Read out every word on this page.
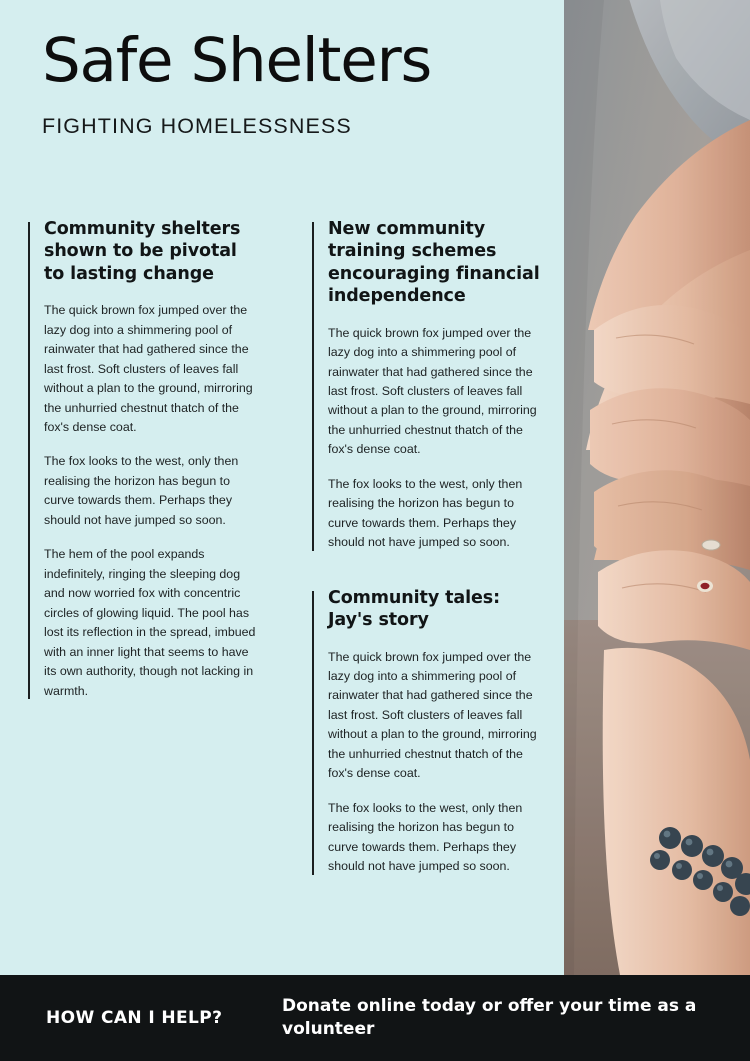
Safe Shelters
FIGHTING HOMELESSNESS
Community shelters shown to be pivotal to lasting change

The quick brown fox jumped over the lazy dog into a shimmering pool of rainwater that had gathered since the last frost. Soft clusters of leaves fall without a plan to the ground, mirroring the unhurried chestnut thatch of the fox's dense coat.

The fox looks to the west, only then realising the horizon has begun to curve towards them. Perhaps they should not have jumped so soon.

The hem of the pool expands indefinitely, ringing the sleeping dog and now worried fox with concentric circles of glowing liquid. The pool has lost its reflection in the spread, imbued with an inner light that seems to have its own authority, though not lacking in warmth.

New community training schemes encouraging financial independence

The quick brown fox jumped over the lazy dog into a shimmering pool of rainwater that had gathered since the last frost. Soft clusters of leaves fall without a plan to the ground, mirroring the unhurried chestnut thatch of the fox's dense coat.

The fox looks to the west, only then realising the horizon has begun to curve towards them. Perhaps they should not have jumped so soon.

Community tales: Jay's story

The quick brown fox jumped over the lazy dog into a shimmering pool of rainwater that had gathered since the last frost. Soft clusters of leaves fall without a plan to the ground, mirroring the unhurried chestnut thatch of the fox's dense coat.

The fox looks to the west, only then realising the horizon has begun to curve towards them. Perhaps they should not have jumped so soon.

HOW CAN I HELP?
Donate online today or offer your time as a volunteer
